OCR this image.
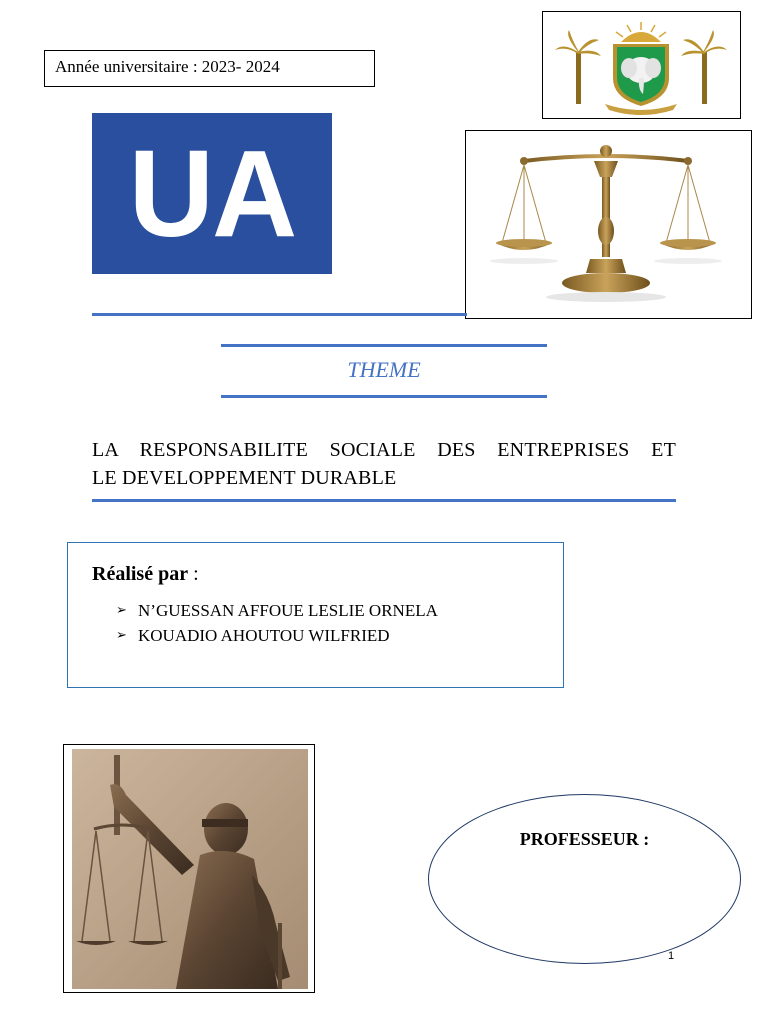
Année universitaire : 2023- 2024
UA
THEME
LA RESPONSABILITE SOCIALE DES ENTREPRISES ET
LE DEVELOPPEMENT DURABLE
Réalisé par :
➢ N’GUESSAN AFFOUE LESLIE ORNELA
➢ KOUADIO AHOUTOU WILFRIED
PROFESSEUR :
1
